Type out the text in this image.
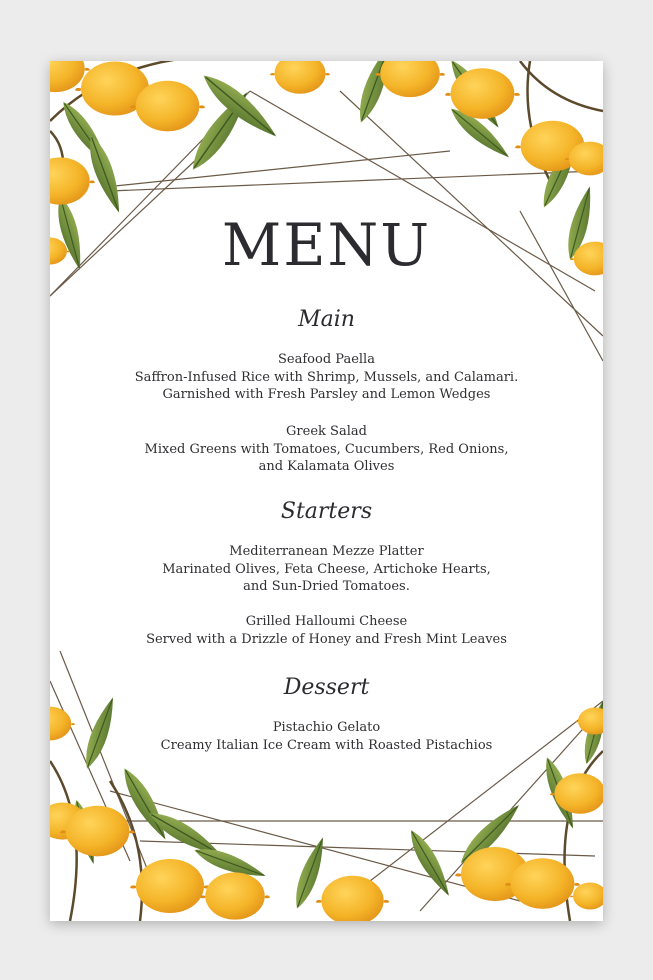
MENU
Main
Seafood Paella
Saffron-Infused Rice with Shrimp, Mussels, and Calamari.
Garnished with Fresh Parsley and Lemon Wedges
Greek Salad
Mixed Greens with Tomatoes, Cucumbers, Red Onions,
and Kalamata Olives
Starters
Mediterranean Mezze Platter
Marinated Olives, Feta Cheese, Artichoke Hearts,
and Sun-Dried Tomatoes.
Grilled Halloumi Cheese
Served with a Drizzle of Honey and Fresh Mint Leaves
Dessert
Pistachio Gelato
Creamy Italian Ice Cream with Roasted Pistachios
